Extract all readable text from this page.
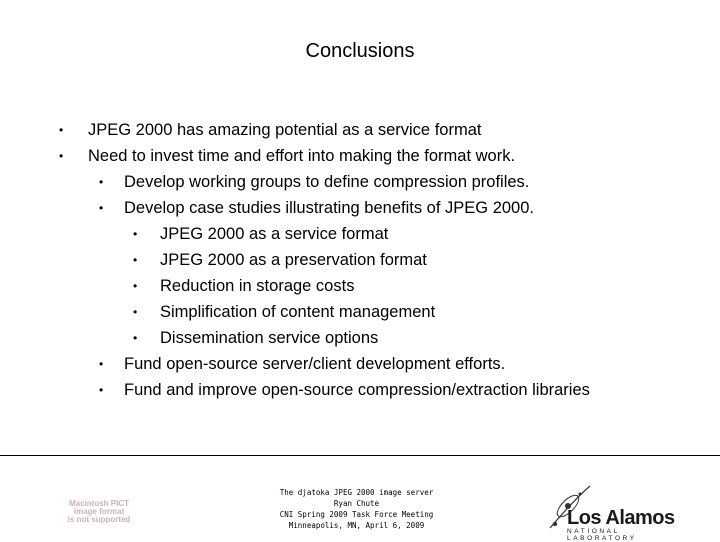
Conclusions
• JPEG 2000 has amazing potential as a service format
• Need to invest time and effort into making the format work.
• Develop working groups to define compression profiles.
• Develop case studies illustrating benefits of JPEG 2000.
• JPEG 2000 as a service format
• JPEG 2000 as a preservation format
• Reduction in storage costs
• Simplification of content management
• Dissemination service options
• Fund open-source server/client development efforts.
• Fund and improve open-source compression/extraction libraries
Macintosh PICT
image format
is not supported
The djatoka JPEG 2000 image server
Ryan Chute
CNI Spring 2009 Task Force Meeting
Minneapolis, MN, April 6, 2009	Los Alamos
NATIONAL LABORATORY
